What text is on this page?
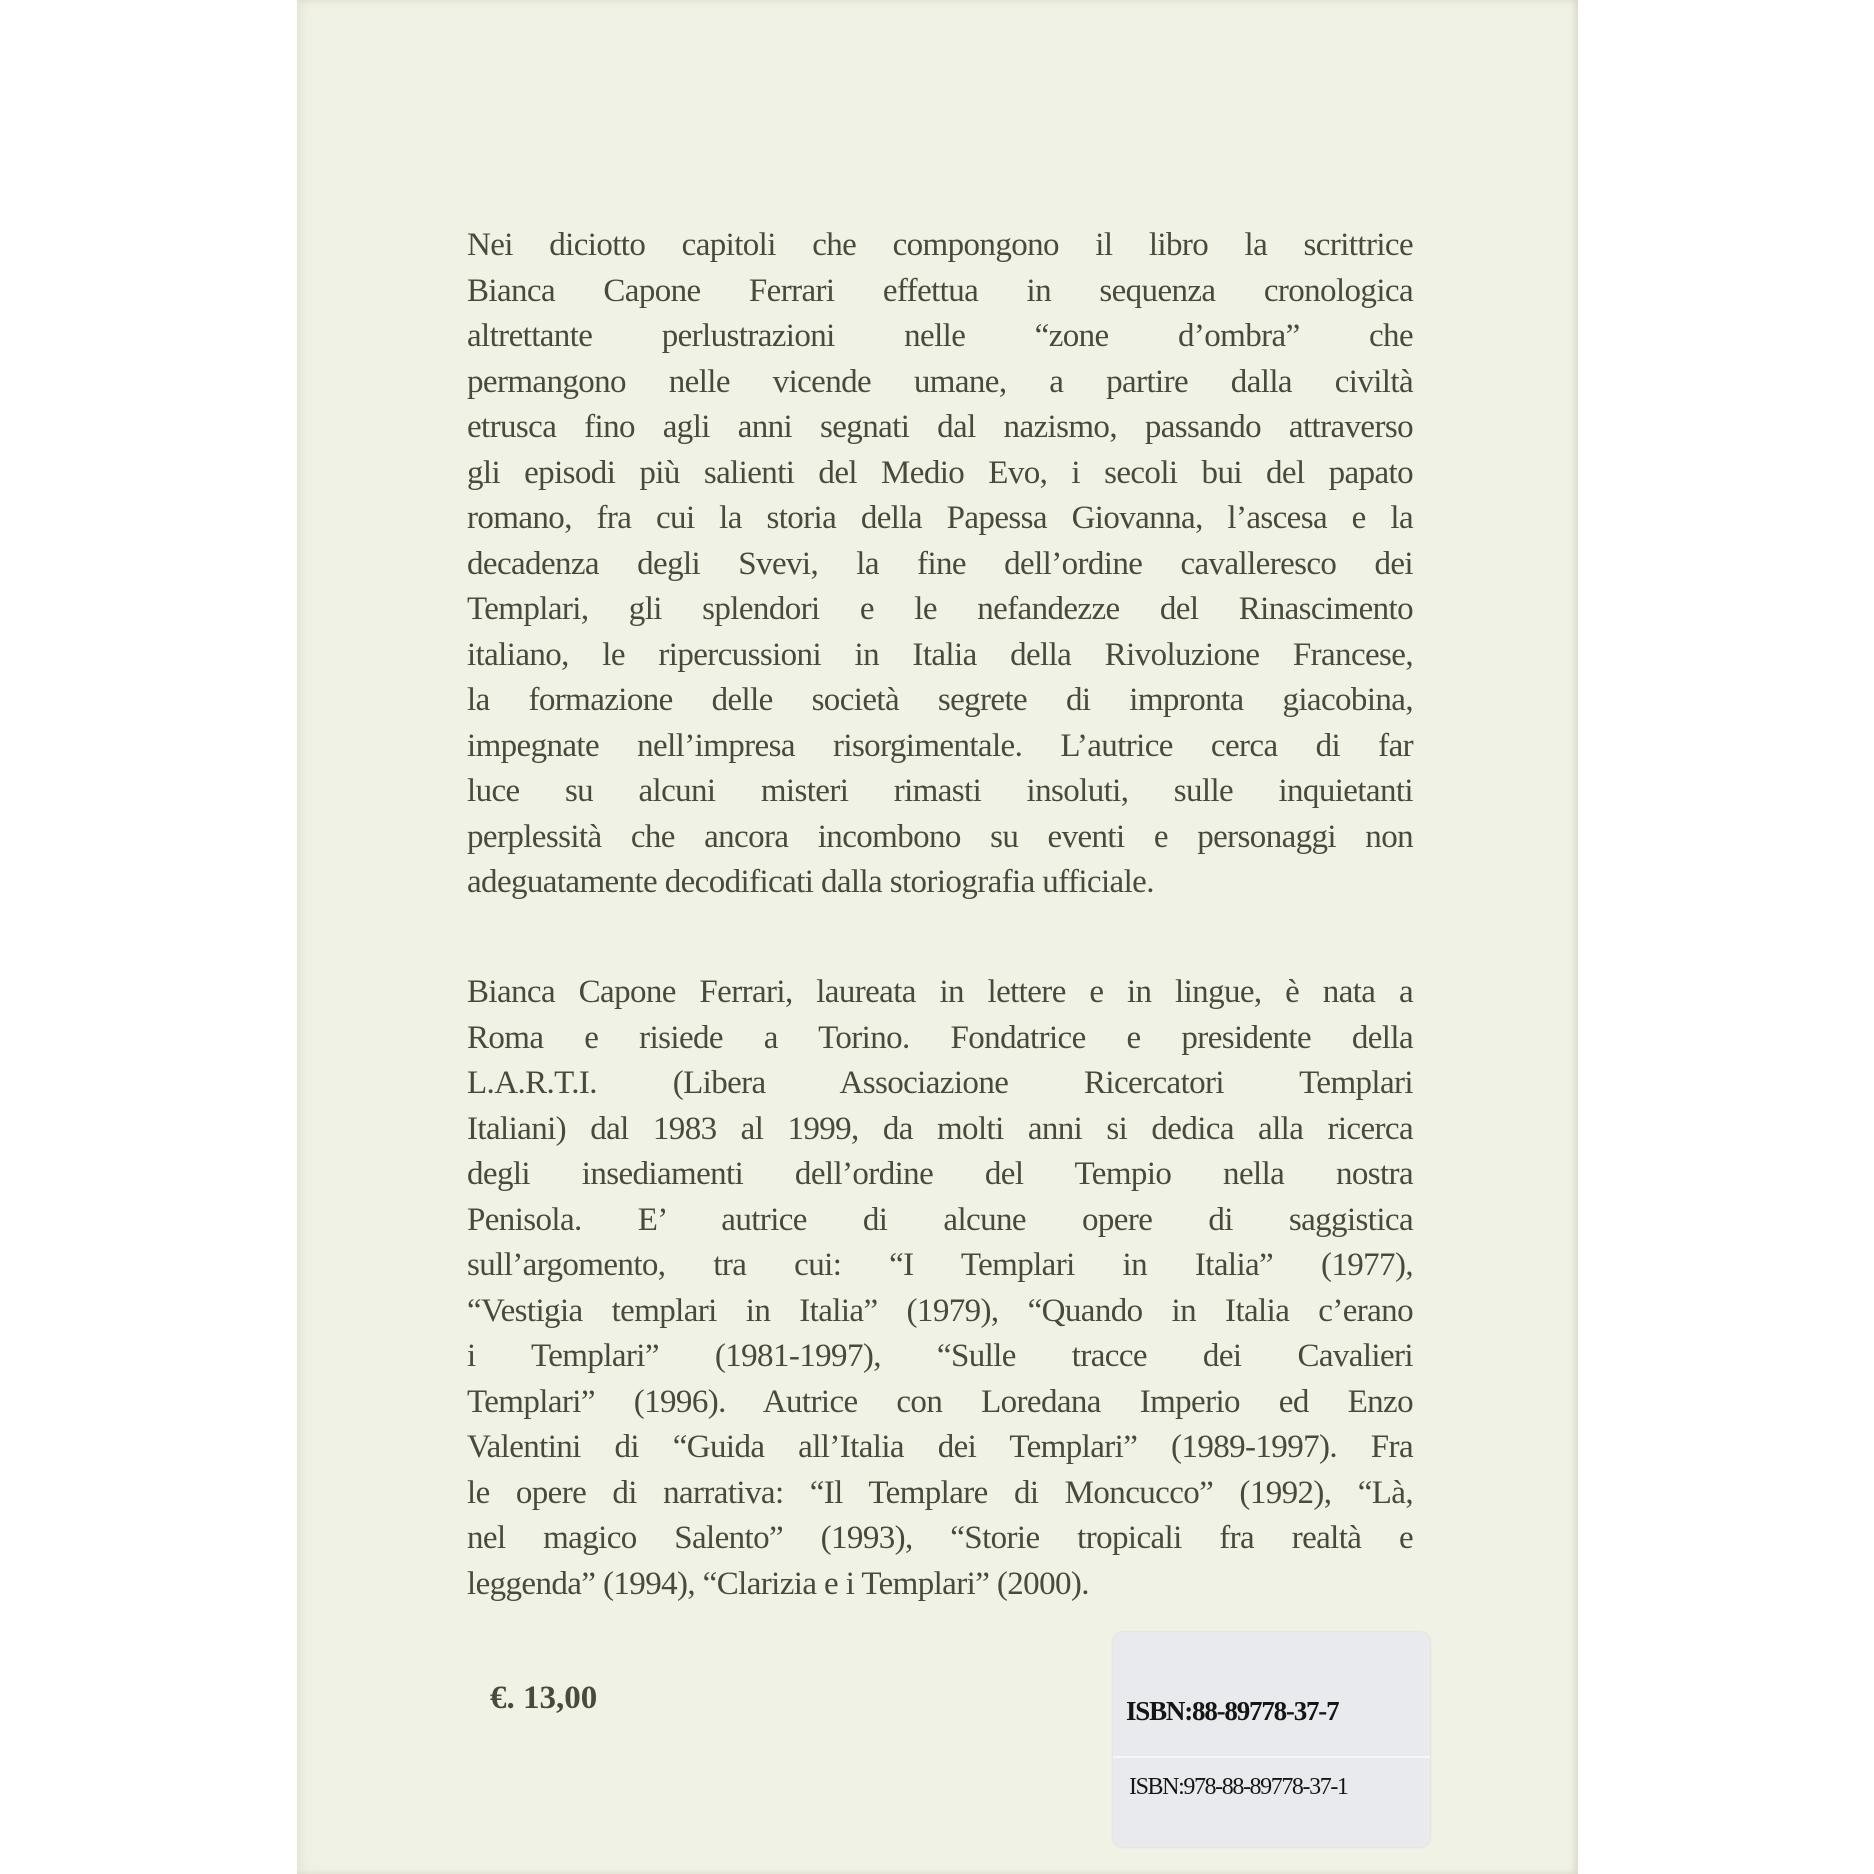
Nei diciotto capitoli che compongono il libro la scrittrice
Bianca Capone Ferrari effettua in sequenza cronologica
altrettante perlustrazioni nelle “zone d’ombra” che
permangono nelle vicende umane, a partire dalla civiltà
etrusca fino agli anni segnati dal nazismo, passando attraverso
gli episodi più salienti del Medio Evo, i secoli bui del papato
romano, fra cui la storia della Papessa Giovanna, l’ascesa e la
decadenza degli Svevi, la fine dell’ordine cavalleresco dei
Templari, gli splendori e le nefandezze del Rinascimento
italiano, le ripercussioni in Italia della Rivoluzione Francese,
la formazione delle società segrete di impronta giacobina,
impegnate nell’impresa risorgimentale. L’autrice cerca di far
luce su alcuni misteri rimasti insoluti, sulle inquietanti
perplessità che ancora incombono su eventi e personaggi non
adeguatamente decodificati dalla storiografia ufficiale.
Bianca Capone Ferrari, laureata in lettere e in lingue, è nata a
Roma e risiede a Torino. Fondatrice e presidente della
L.A.R.T.I. (Libera Associazione Ricercatori Templari
Italiani) dal 1983 al 1999, da molti anni si dedica alla ricerca
degli insediamenti dell’ordine del Tempio nella nostra
Penisola. E’ autrice di alcune opere di saggistica
sull’argomento, tra cui: “I Templari in Italia” (1977),
“Vestigia templari in Italia” (1979), “Quando in Italia c’erano
i Templari” (1981-1997), “Sulle tracce dei Cavalieri
Templari” (1996). Autrice con Loredana Imperio ed Enzo
Valentini di “Guida all’Italia dei Templari” (1989-1997). Fra
le opere di narrativa: “Il Templare di Moncucco” (1992), “Là,
nel magico Salento” (1993), “Storie tropicali fra realtà e
leggenda” (1994), “Clarizia e i Templari” (2000).
€. 13,00	ISBN:88-89778-37-7
ISBN:978-88-89778-37-1
